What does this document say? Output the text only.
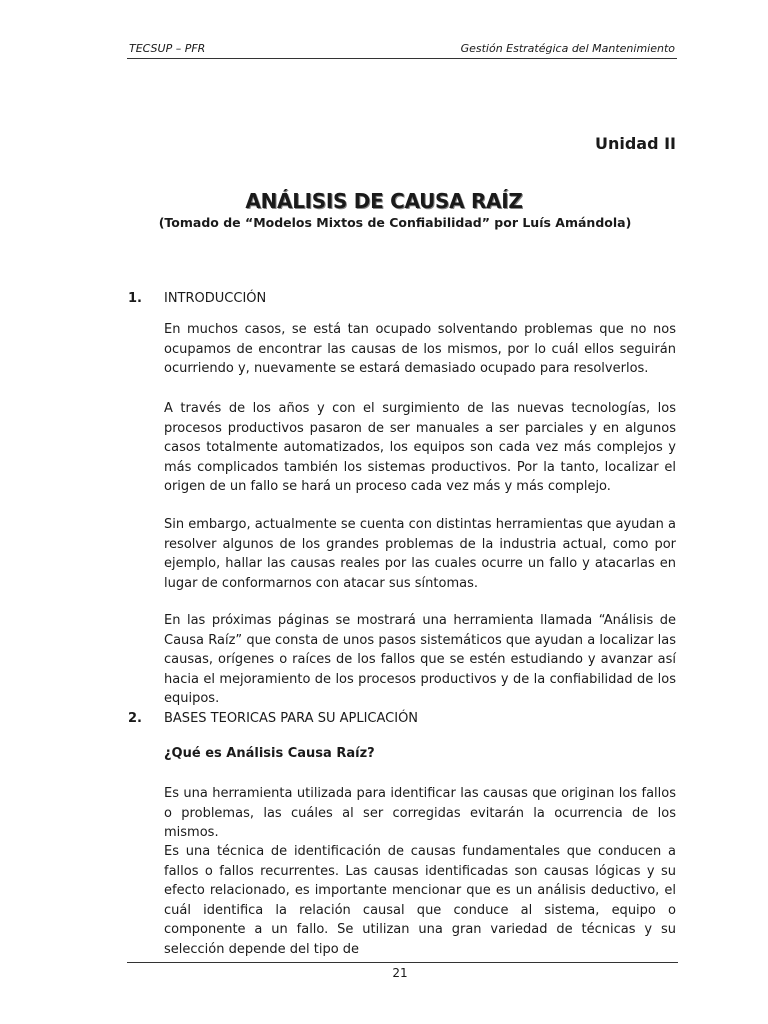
TECSUP – PFR	Gestión Estratégica del Mantenimiento
Unidad II
ANÁLISIS DE CAUSA RAÍZ
(Tomado de “Modelos Mixtos de Confiabilidad” por Luís Amándola)
1. INTRODUCCIÓN

En muchos casos, se está tan ocupado solventando problemas que no nos ocupamos de encontrar las causas de los mismos, por lo cuál ellos seguirán ocurriendo y, nuevamente se estará demasiado ocupado para resolverlos.

A través de los años y con el surgimiento de las nuevas tecnologías, los procesos productivos pasaron de ser manuales a ser parciales y en algunos casos totalmente automatizados, los equipos son cada vez más complejos y más complicados también los sistemas productivos. Por la tanto, localizar el origen de un fallo se hará un proceso cada vez más y más complejo.

Sin embargo, actualmente se cuenta con distintas herramientas que ayudan a resolver algunos de los grandes problemas de la industria actual, como por ejemplo, hallar las causas reales por las cuales ocurre un fallo y atacarlas en lugar de conformarnos con atacar sus síntomas.

En las próximas páginas se mostrará una herramienta llamada “Análisis de Causa Raíz” que consta de unos pasos sistemáticos que ayudan a localizar las causas, orígenes o raíces de los fallos que se estén estudiando y avanzar así hacia el mejoramiento de los procesos productivos y de la confiabilidad de los equipos.

2. BASES TEORICAS PARA SU APLICACIÓN
¿Qué es Análisis Causa Raíz?

Es una herramienta utilizada para identificar las causas que originan los fallos o problemas, las cuáles al ser corregidas evitarán la ocurrencia de los mismos.

Es una técnica de identificación de causas fundamentales que conducen a fallos o fallos recurrentes. Las causas identificadas son causas lógicas y su efecto relacionado, es importante mencionar que es un análisis deductivo, el cuál identifica la relación causal que conduce al sistema, equipo o componente a un fallo. Se utilizan una gran variedad de técnicas y su selección depende del tipo de

21
